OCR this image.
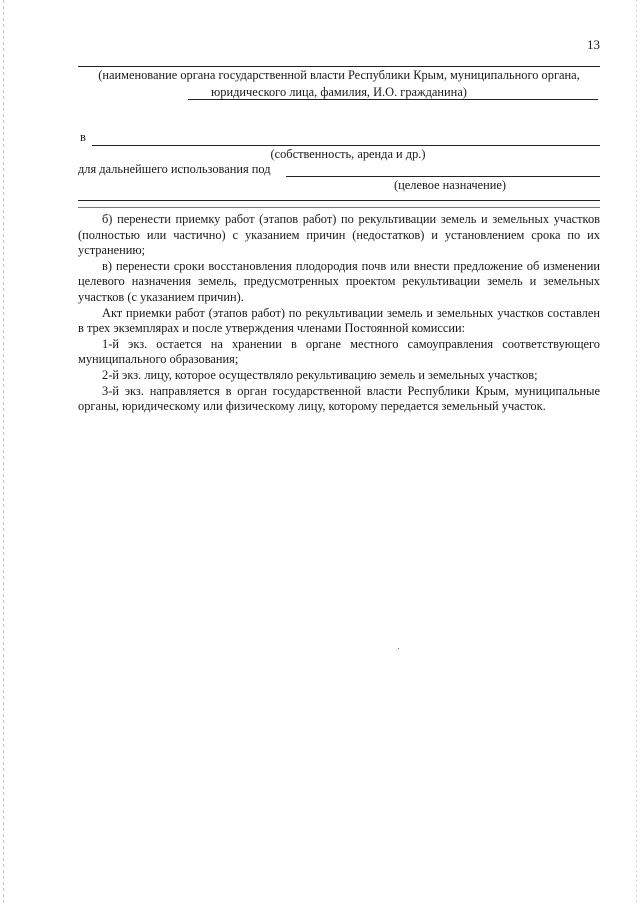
13
(наименование органа государственной власти Республики Крым, муниципального органа,
юридического лица, фамилия, И.О. гражданина)
в
(собственность, аренда и др.)
для дальнейшего использования под
(целевое назначение)

б) перенести приемку работ (этапов работ) по рекультивации земель и земельных участков (полностью или частично) с указанием причин (недостатков) и установлением срока по их устранению;

в) перенести сроки восстановления плодородия почв или внести предложение об изменении целевого назначения земель, предусмотренных проектом рекультивации земель и земельных участков (с указанием причин).

Акт приемки работ (этапов работ) по рекультивации земель и земельных участков составлен в трех экземплярах и после утверждения членами Постоянной комиссии:

1-й экз. остается на хранении в органе местного самоуправления соответствующего муниципального образования;

2-й экз. лицу, которое осуществляло рекультивацию земель и земельных участков;

3-й экз. направляется в орган государственной власти Республики Крым, муниципальные органы, юридическому или физическому лицу, которому передается земельный участок.
